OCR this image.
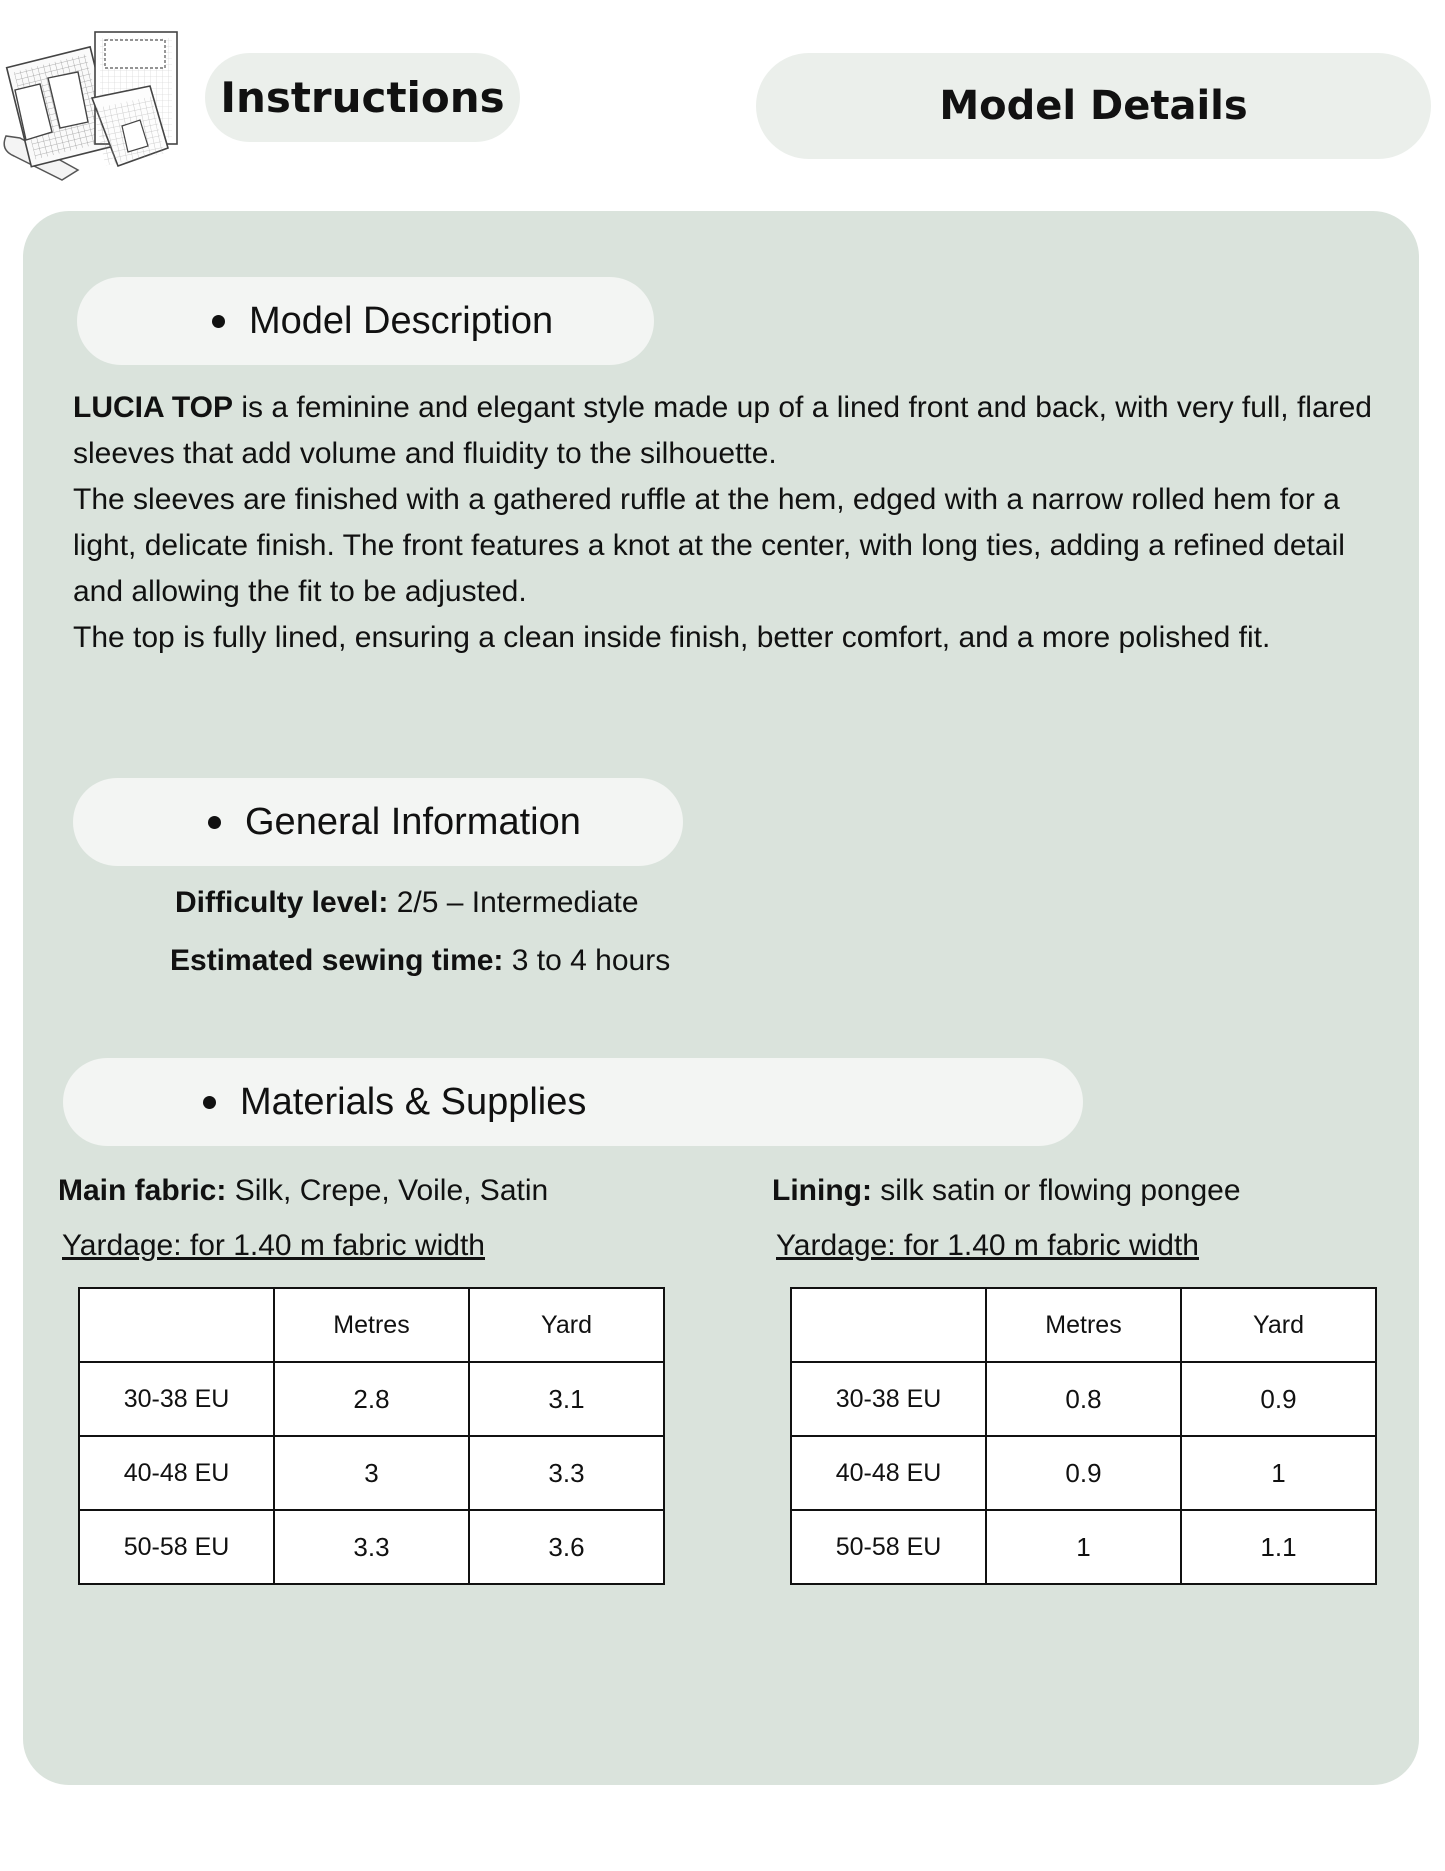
Instructions	Model Details
Model Description

LUCIA TOP is a feminine and elegant style made up of a lined front and back, with very full, flared sleeves that add volume and fluidity to the silhouette.

The sleeves are finished with a gathered ruffle at the hem, edged with a narrow rolled hem for a light, delicate finish. The front features a knot at the center, with long ties, adding a refined detail and allowing the fit to be adjusted.

The top is fully lined, ensuring a clean inside finish, better comfort, and a more polished fit.

General Information
Difficulty level: 2/5 – Intermediate
Estimated sewing time: 3 to 4 hours
Materials & Supplies
Main fabric: Silk, Crepe, Voile, Satin
Yardage: for 1.40 m fabric width
Lining: silk satin or flowing pongee
Yardage: for 1.40 m fabric width
	Metres	Yard
30-38 EU	2.8	3.1
40-48 EU	3	3.3
50-58 EU	3.3	3.6
	Metres	Yard
30-38 EU	0.8	0.9
40-48 EU	0.9	1
50-58 EU	1	1.1
